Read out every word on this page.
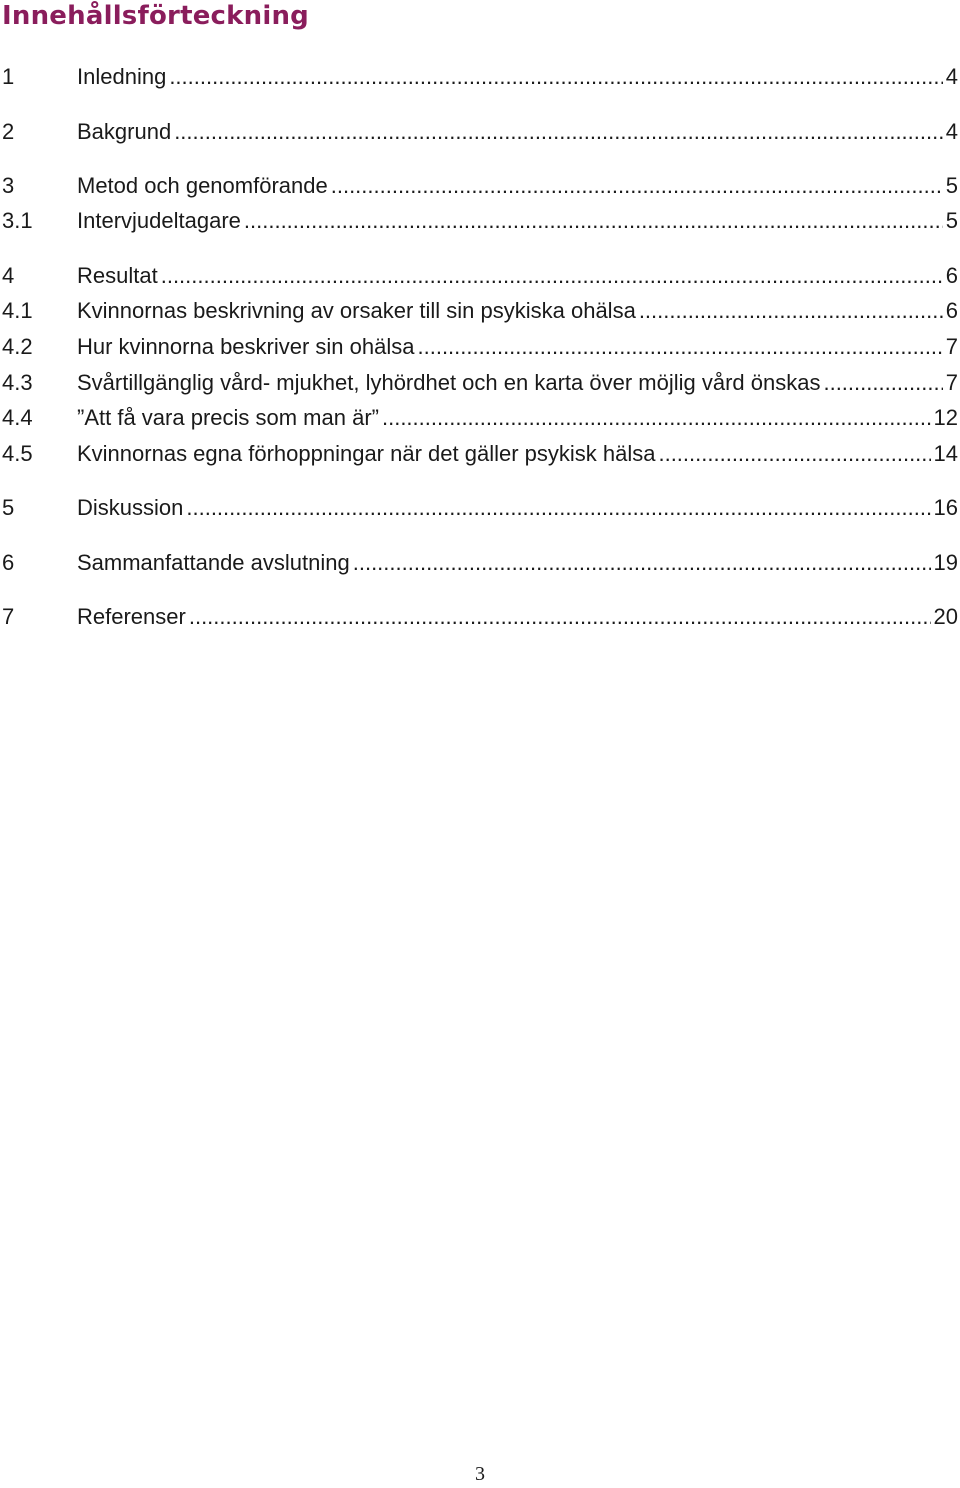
Innehållsförteckning
1	Inledning .....	4
2	Bakgrund .....	4
3	Metod och genomförande .....	5
3.1	Intervjudeltagare .....	5
4	Resultat .....	6
4.1	Kvinnornas beskrivning av orsaker till sin psykiska ohälsa .....	6
4.2	Hur kvinnorna beskriver sin ohälsa .....	7
4.3	Svårtillgänglig vård- mjukhet, lyhördhet och en karta över möjlig vård önskas .....	7
4.4	”Att få vara precis som man är” .....	12
4.5	Kvinnornas egna förhoppningar när det gäller psykisk hälsa .....	14
5	Diskussion .....	16
6	Sammanfattande avslutning .....	19
7	Referenser .....	20
3
